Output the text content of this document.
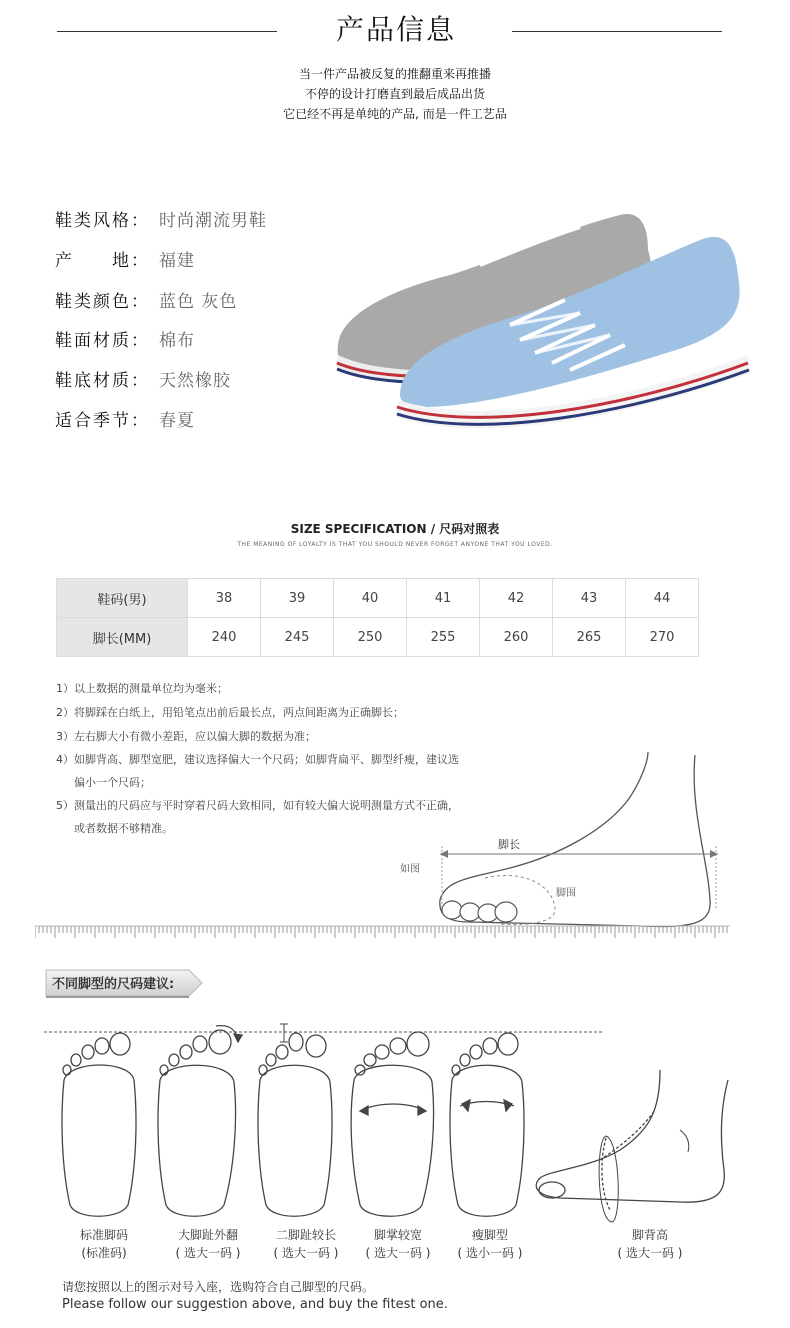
产品信息
当一件产品被反复的推翻重来再推播
不停的设计打磨直到最后成品出货
它已经不再是单纯的产品, 而是一件工艺品
鞋类风格： 时尚潮流男鞋
产　　地： 福建
鞋类颜色： 蓝色 灰色
鞋面材质： 棉布
鞋底材质： 天然橡胶
适合季节： 春夏
SIZE SPECIFICATION / 尺码对照表
THE MEANING OF LOYALTY IS THAT YOU SHOULD NEVER FORGET ANYONE THAT YOU LOVED.
鞋码(男)	38	39	40	41	42	43	44
脚长(MM)	240	245	250	255	260	265	270
1）以上数据的测量单位均为毫米；
2）将脚踩在白纸上，用铅笔点出前后最长点，两点间距离为正确脚长；
3）左右脚大小有微小差距，应以偏大脚的数据为准；
4）如脚背高、脚型宽肥，建议选择偏大一个尺码；如脚背扁平、脚型纤瘦，建议选
偏小一个尺码；
5）测量出的尺码应与平时穿着尺码大致相同，如有较大偏大说明测量方式不正确，
或者数据不够精准。
脚长
如图
脚围
不同脚型的尺码建议:
标准脚码
(标准码)
大脚趾外翻
( 选大一码 )
二脚趾较长
( 选大一码 )
脚掌较宽
( 选大一码 )
瘦脚型
( 选小一码 )
脚背高
( 选大一码 )
请您按照以上的图示对号入座，选购符合自己脚型的尺码。
Please follow our suggestion above, and buy the fitest one.
